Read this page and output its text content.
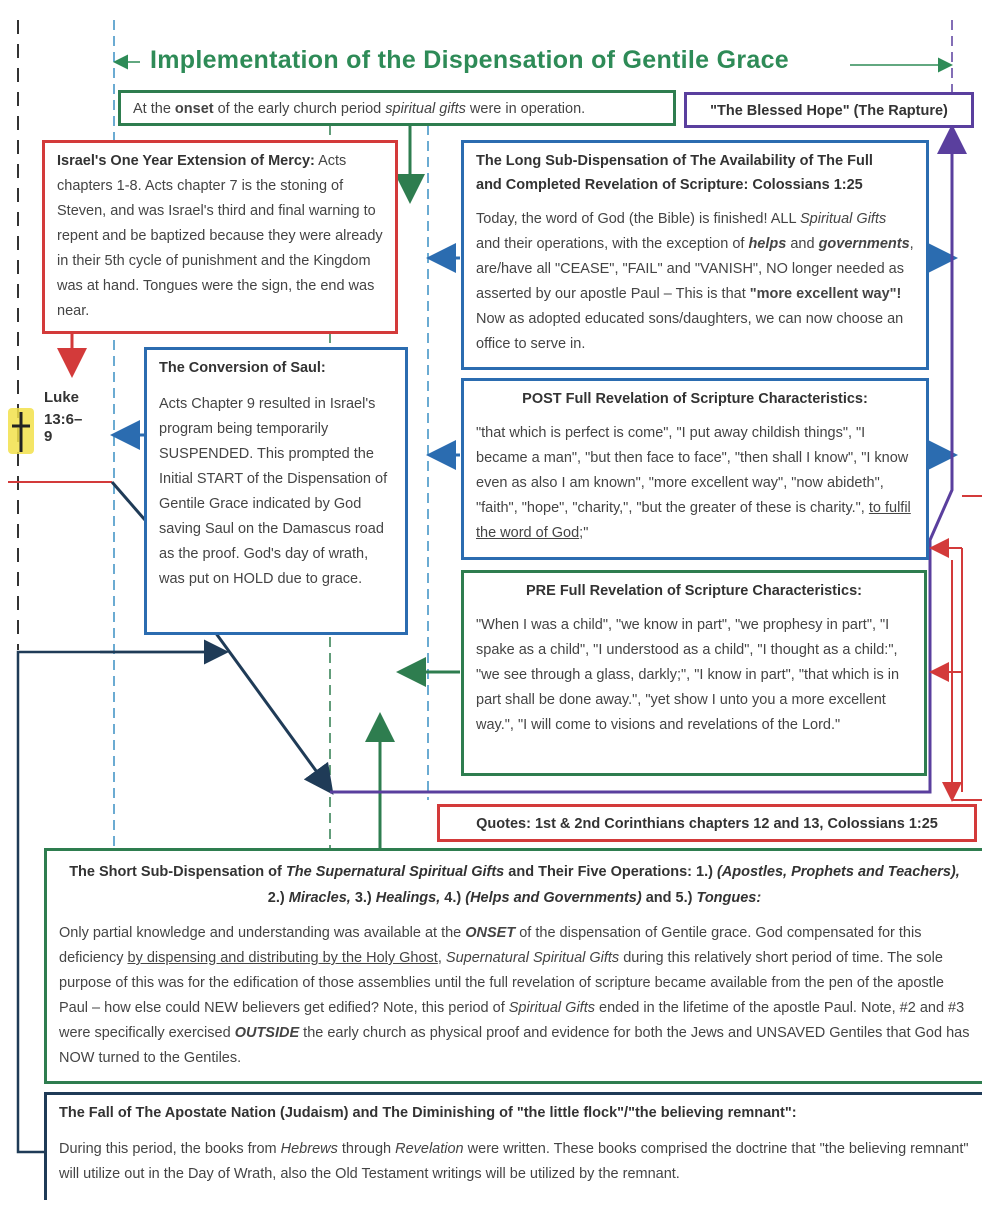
Implementation of the Dispensation of Gentile Grace
At the onset of the early church period spiritual gifts were in operation.	"The Blessed Hope" (The Rapture)
Israel's One Year Extension of Mercy: Acts chapters 1-8. Acts chapter 7 is the stoning of Steven, and was Israel's third and final warning to repent and be baptized because they were already in their 5th cycle of punishment and the Kingdom was at hand. Tongues were the sign, the end was near.
Luke
13:6–
9
The Conversion of Saul:
Acts Chapter 9 resulted in Israel's program being temporarily SUSPENDED. This prompted the Initial START of the Dispensation of Gentile Grace indicated by God saving Saul on the Damascus road as the proof. God's day of wrath, was put on HOLD due to grace.
The Long Sub-Dispensation of The Availability of The Full
and Completed Revelation of Scripture: Colossians 1:25
Today, the word of God (the Bible) is finished! ALL Spiritual Gifts and their operations, with the exception of helps and governments, are/have all "CEASE", "FAIL" and "VANISH", NO longer needed as asserted by our apostle Paul – This is that "more excellent way"! Now as adopted educated sons/daughters, we can now choose an office to serve in.
POST Full Revelation of Scripture Characteristics:
"that which is perfect is come", "I put away childish things", "I became a man", "but then face to face", "then shall I know", "I know even as also I am known", "more excellent way", "now abideth", "faith", "hope", "charity,", "but the greater of these is charity.", to fulfil the word of God;"
PRE Full Revelation of Scripture Characteristics:
"When I was a child", "we know in part", "we prophesy in part", "I spake as a child", "I understood as a child", "I thought as a child:", "we see through a glass, darkly;", "I know in part", "that which is in part shall be done away.", "yet show I unto you a more excellent way.", "I will come to visions and revelations of the Lord."
Quotes: 1st & 2nd Corinthians chapters 12 and 13, Colossians 1:25
The Short Sub-Dispensation of The Supernatural Spiritual Gifts and Their Five Operations: 1.) (Apostles, Prophets and Teachers), 2.) Miracles, 3.) Healings, 4.) (Helps and Governments) and 5.) Tongues:
Only partial knowledge and understanding was available at the ONSET of the dispensation of Gentile grace. God compensated for this deficiency by dispensing and distributing by the Holy Ghost, Supernatural Spiritual Gifts during this relatively short period of time. The sole purpose of this was for the edification of those assemblies until the full revelation of scripture became available from the pen of the apostle Paul – how else could NEW believers get edified? Note, this period of Spiritual Gifts ended in the lifetime of the apostle Paul. Note, #2 and #3 were specifically exercised OUTSIDE the early church as physical proof and evidence for both the Jews and UNSAVED Gentiles that God has NOW turned to the Gentiles.
The Fall of The Apostate Nation (Judaism) and The Diminishing of "the little flock"/"the believing remnant":
During this period, the books from Hebrews through Revelation were written. These books comprised the doctrine that "the believing remnant" will utilize out in the Day of Wrath, also the Old Testament writings will be utilized by the remnant.
